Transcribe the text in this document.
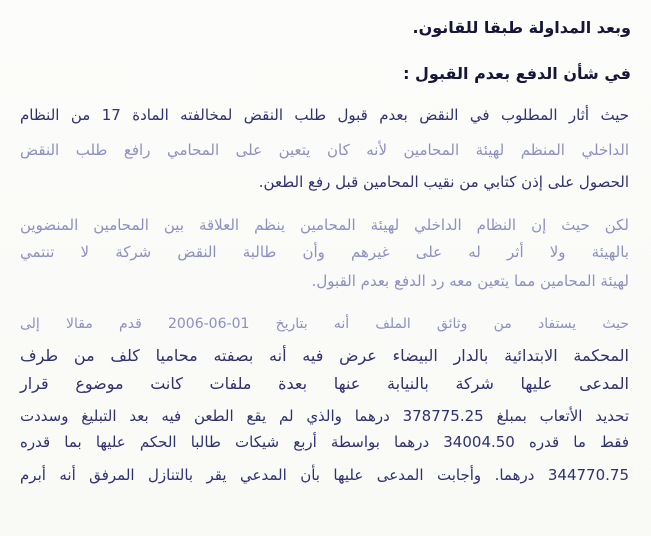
وبعد المداولة طبقا للقانون.
في شأن الدفع بعدم القبول :
حيث أثار المطلوب في النقض بعدم قبول طلب النقض لمخالفته المادة 17 من النظام
الداخلي المنظم لهيئة المحامين لأنه كان يتعين على المحامي رافع طلب النقض
الحصول على إذن كتابي من نقيب المحامين قبل رفع الطعن.
لكن حيث إن النظام الداخلي لهيئة المحامين ينظم العلاقة بين المحامين المنضوين
بالهيئة ولا أثر له على غيرهم وأن طالبة النقض شركة لا تنتمي
لهيئة المحامين مما يتعين معه رد الدفع بعدم القبول.
حيث يستفاد من وثائق الملف أنه بتاريخ 01-06-2006 قدم مقالا إلى
المحكمة الابتدائية بالدار البيضاء عرض فيه أنه بصفته محاميا كلف من طرف
المدعى عليها شركة بالنيابة عنها بعدة ملفات كانت موضوع قرار
تحديد الأتعاب بمبلغ 378775.25 درهما والذي لم يقع الطعن فيه بعد التبليغ وسددت
فقط ما قدره 34004.50 درهما بواسطة أربع شيكات طالبا الحكم عليها بما قدره
344770.75 درهما. وأجابت المدعى عليها بأن المدعي يقر بالتنازل المرفق أنه أبرم
